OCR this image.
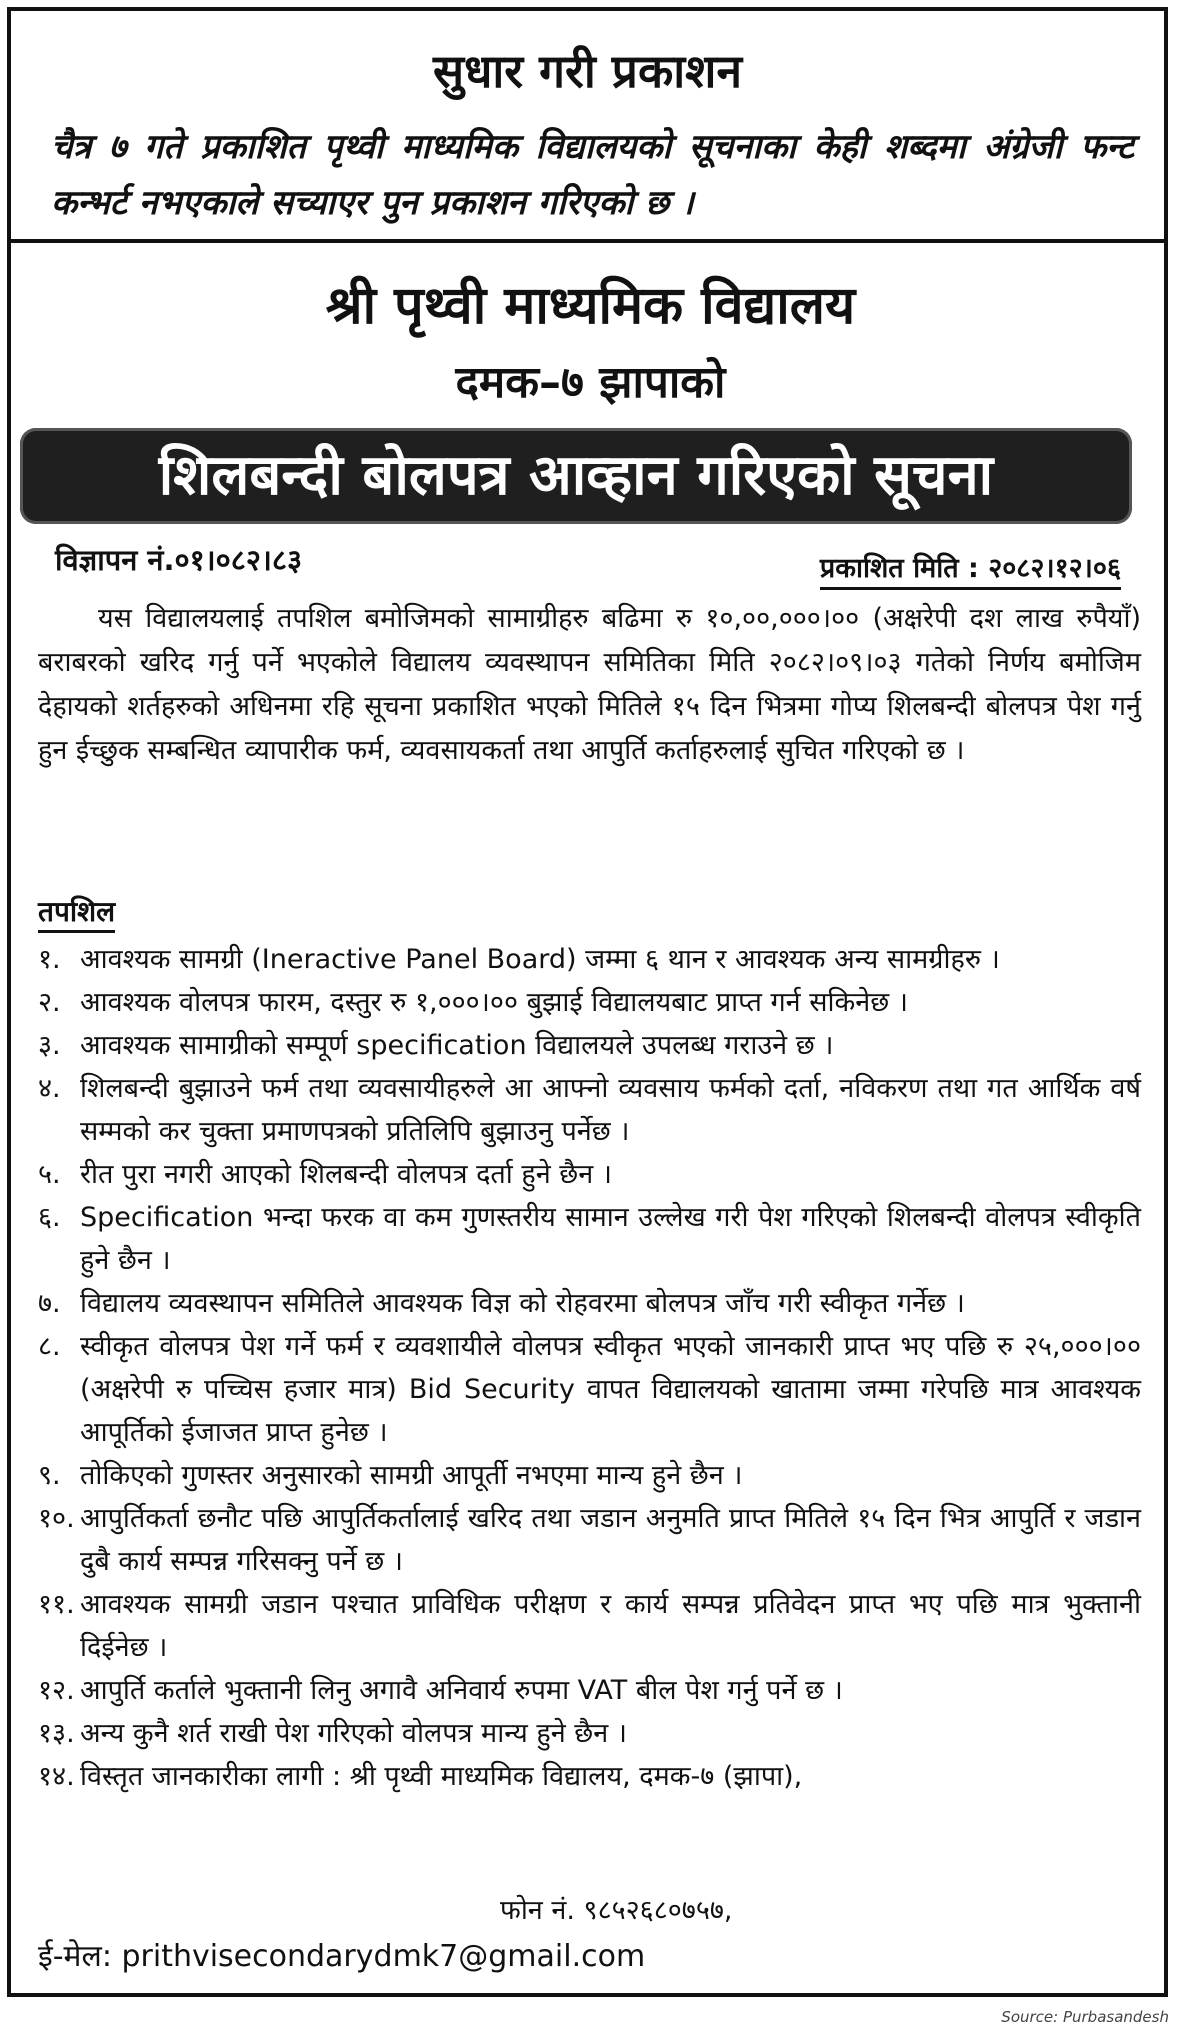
सुधार गरी प्रकाशन
चैत्र ७ गते प्रकाशित पृथ्वी माध्यमिक विद्यालयको सूचनाका केही शब्दमा अंग्रेजी फन्ट कन्भर्ट नभएकाले सच्याएर पुन प्रकाशन गरिएको छ ।
श्री पृथ्वी माध्यमिक विद्यालय
दमक–७ झापाको
शिलबन्दी बोलपत्र आव्हान गरिएको सूचना
विज्ञापन नं.०१।०८२।८३	प्रकाशित मिति : २०८२।१२।०६
यस विद्यालयलाई तपशिल बमोजिमको सामाग्रीहरु बढिमा रु १०,००,०००।०० (अक्षरेपी दश लाख रुपैयाँ) बराबरको खरिद गर्नु पर्ने भएकोले विद्यालय व्यवस्थापन समितिका मिति २०८२।०९।०३ गतेको निर्णय बमोजिम देहायको शर्तहरुको अधिनमा रहि सूचना प्रकाशित भएको मितिले १५ दिन भित्रमा गोप्य शिलबन्दी बोलपत्र पेश गर्नु हुन ईच्छुक सम्बन्धित व्यापारीक फर्म, व्यवसायकर्ता तथा आपुर्ति कर्ताहरुलाई सुचित गरिएको छ ।
तपशिल
१. आवश्यक सामग्री (Ineractive Panel Board) जम्मा ६ थान र आवश्यक अन्य सामग्रीहरु ।
२. आवश्यक वोलपत्र फारम, दस्तुर रु १,०००।०० बुझाई विद्यालयबाट प्राप्त गर्न सकिनेछ ।
३. आवश्यक सामाग्रीको सम्पूर्ण specification विद्यालयले उपलब्ध गराउने छ ।
४. शिलबन्दी बुझाउने फर्म तथा व्यवसायीहरुले आ आफ्नो व्यवसाय फर्मको दर्ता, नविकरण तथा गत आर्थिक वर्ष सम्मको कर चुक्ता प्रमाणपत्रको प्रतिलिपि बुझाउनु पर्नेछ ।
५. रीत पुरा नगरी आएको शिलबन्दी वोलपत्र दर्ता हुने छैन ।
६. Specification भन्दा फरक वा कम गुणस्तरीय सामान उल्लेख गरी पेश गरिएको शिलबन्दी वोलपत्र स्वीकृति हुने छैन ।
७. विद्यालय व्यवस्थापन समितिले आवश्यक विज्ञ को रोहवरमा बोलपत्र जाँच गरी स्वीकृत गर्नेछ ।
८. स्वीकृत वोलपत्र पेश गर्ने फर्म र व्यवशायीले वोलपत्र स्वीकृत भएको जानकारी प्राप्त भए पछि रु २५,०००।०० (अक्षरेपी रु पच्चिस हजार मात्र) Bid Security वापत विद्यालयको खातामा जम्मा गरेपछि मात्र आवश्यक आपूर्तिको ईजाजत प्राप्त हुनेछ ।
९. तोकिएको गुणस्तर अनुसारको सामग्री आपूर्ती नभएमा मान्य हुने छैन ।
१०. आपुर्तिकर्ता छनौट पछि आपुर्तिकर्तालाई खरिद तथा जडान अनुमति प्राप्त मितिले १५ दिन भित्र आपुर्ति र जडान दुबै कार्य सम्पन्न गरिसक्नु पर्ने छ ।
११. आवश्यक सामग्री जडान पश्चात प्राविधिक परीक्षण र कार्य सम्पन्न प्रतिवेदन प्राप्त भए पछि मात्र भुक्तानी दिईनेछ ।
१२. आपुर्ति कर्ताले भुक्तानी लिनु अगावै अनिवार्य रुपमा VAT बील पेश गर्नु पर्ने छ ।
१३. अन्य कुनै शर्त राखी पेश गरिएको वोलपत्र मान्य हुने छैन ।
१४. विस्तृत जानकारीका लागी : श्री पृथ्वी माध्यमिक विद्यालय, दमक-७ (झापा),
फोन नं. ९८५२६८०७५७,
ई-मेल: prithvisecondarydmk7@gmail.com
Source: Purbasandesh
